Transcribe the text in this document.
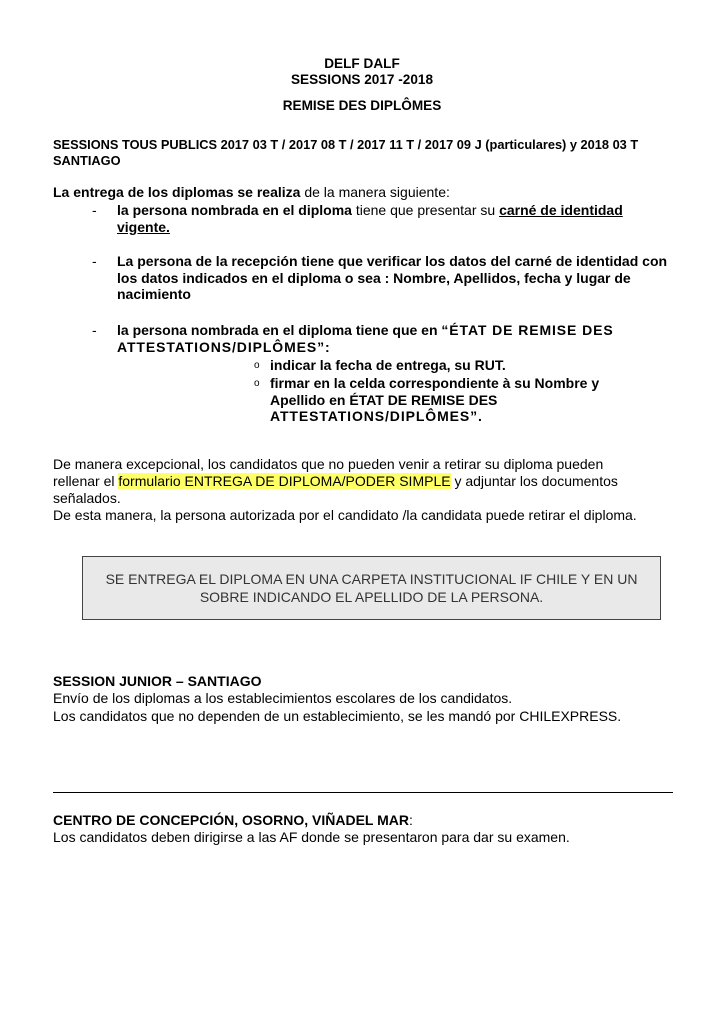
DELF DALF
SESSIONS 2017 -2018
REMISE DES DIPLÔMES
SESSIONS TOUS PUBLICS 2017 03 T / 2017 08 T / 2017 11 T / 2017 09 J (particulares) y 2018 03 T
SANTIAGO
La entrega de los diplomas se realiza de la manera siguiente:
-	la persona nombrada en el diploma tiene que presentar su carné de identidad vigente.
-	La persona de la recepción tiene que verificar los datos del carné de identidad con los datos indicados en el diploma o sea : Nombre, Apellidos, fecha y lugar de nacimiento
-	la persona nombrada en el diploma tiene que en “ÉTAT DE REMISE DES ATTESTATIONS/DIPLÔMES”:
o indicar la fecha de entrega, su RUT.
o firmar en la celda correspondiente à su Nombre y Apellido en ÉTAT DE REMISE DES ATTESTATIONS/DIPLÔMES”.
De manera excepcional, los candidatos que no pueden venir a retirar su diploma pueden
rellenar el formulario ENTREGA DE DIPLOMA/PODER SIMPLE y adjuntar los documentos
señalados.
De esta manera, la persona autorizada por el candidato /la candidata puede retirar el diploma.
SE ENTREGA EL DIPLOMA EN UNA CARPETA INSTITUCIONAL IF CHILE Y EN UN SOBRE INDICANDO EL APELLIDO DE LA PERSONA.
SESSION JUNIOR – SANTIAGO
Envío de los diplomas a los establecimientos escolares de los candidatos.
Los candidatos que no dependen de un establecimiento, se les mandó por CHILEXPRESS.
CENTRO DE CONCEPCIÓN, OSORNO, VIÑADEL MAR:
Los candidatos deben dirigirse a las AF donde se presentaron para dar su examen.
